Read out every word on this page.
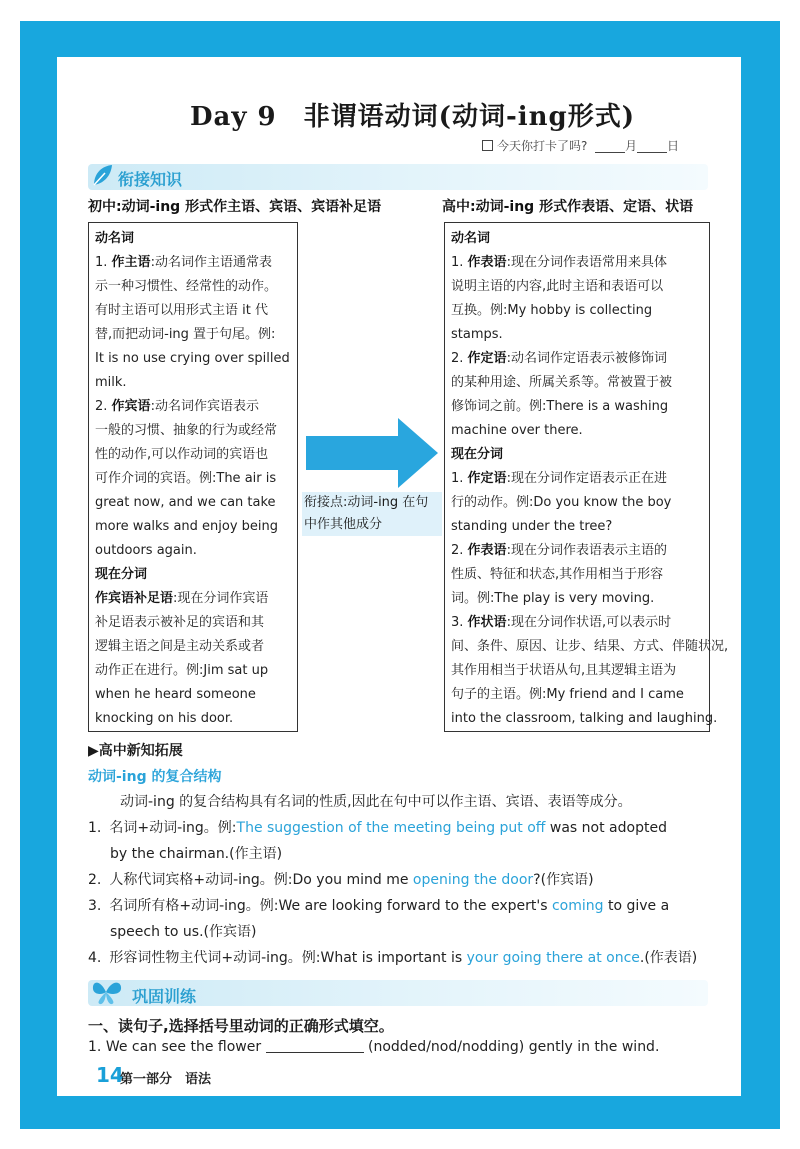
Day 9　非谓语动词(动词-ing形式)
今天你打卡了吗?	月	日
衔接知识
初中:动词-ing 形式作主语、宾语、宾语补足语	高中:动词-ing 形式作表语、定语、状语
动名词
1. 作主语:动名词作主语通常表
示一种习惯性、经常性的动作。
有时主语可以用形式主语 it 代
替,而把动词-ing 置于句尾。例:
It is no use crying over spilled
milk.
2. 作宾语:动名词作宾语表示
一般的习惯、抽象的行为或经常
性的动作,可以作动词的宾语也
可作介词的宾语。例:The air is
great now, and we can take
more walks and enjoy being
outdoors again.
现在分词
作宾语补足语:现在分词作宾语
补足语表示被补足的宾语和其
逻辑主语之间是主动关系或者
动作正在进行。例:Jim sat up
when he heard someone
knocking on his door.
衔接点:动词-ing 在句
中作其他成分
动名词
1. 作表语:现在分词作表语常用来具体
说明主语的内容,此时主语和表语可以
互换。例:My hobby is collecting
stamps.
2. 作定语:动名词作定语表示被修饰词
的某种用途、所属关系等。常被置于被
修饰词之前。例:There is a washing
machine over there.
现在分词
1. 作定语:现在分词作定语表示正在进
行的动作。例:Do you know the boy
standing under the tree?
2. 作表语:现在分词作表语表示主语的
性质、特征和状态,其作用相当于形容
词。例:The play is very moving.
3. 作状语:现在分词作状语,可以表示时
间、条件、原因、让步、结果、方式、伴随状况,
其作用相当于状语从句,且其逻辑主语为
句子的主语。例:My friend and I came
into the classroom, talking and laughing.
▶高中新知拓展
动词-ing 的复合结构
动词-ing 的复合结构具有名词的性质,因此在句中可以作主语、宾语、表语等成分。
1. 名词+动词-ing。例:The suggestion of the meeting being put off was not adopted
by the chairman.(作主语)
2. 人称代词宾格+动词-ing。例:Do you mind me opening the door?(作宾语)
3. 名词所有格+动词-ing。例:We are looking forward to the expert's coming to give a
speech to us.(作宾语)
4. 形容词性物主代词+动词-ing。例:What is important is your going there at once.(作表语)
巩固训练
一、读句子,选择括号里动词的正确形式填空。
1. We can see the flower	(nodded/nod/nodding) gently in the wind.
14
第一部分　语法
